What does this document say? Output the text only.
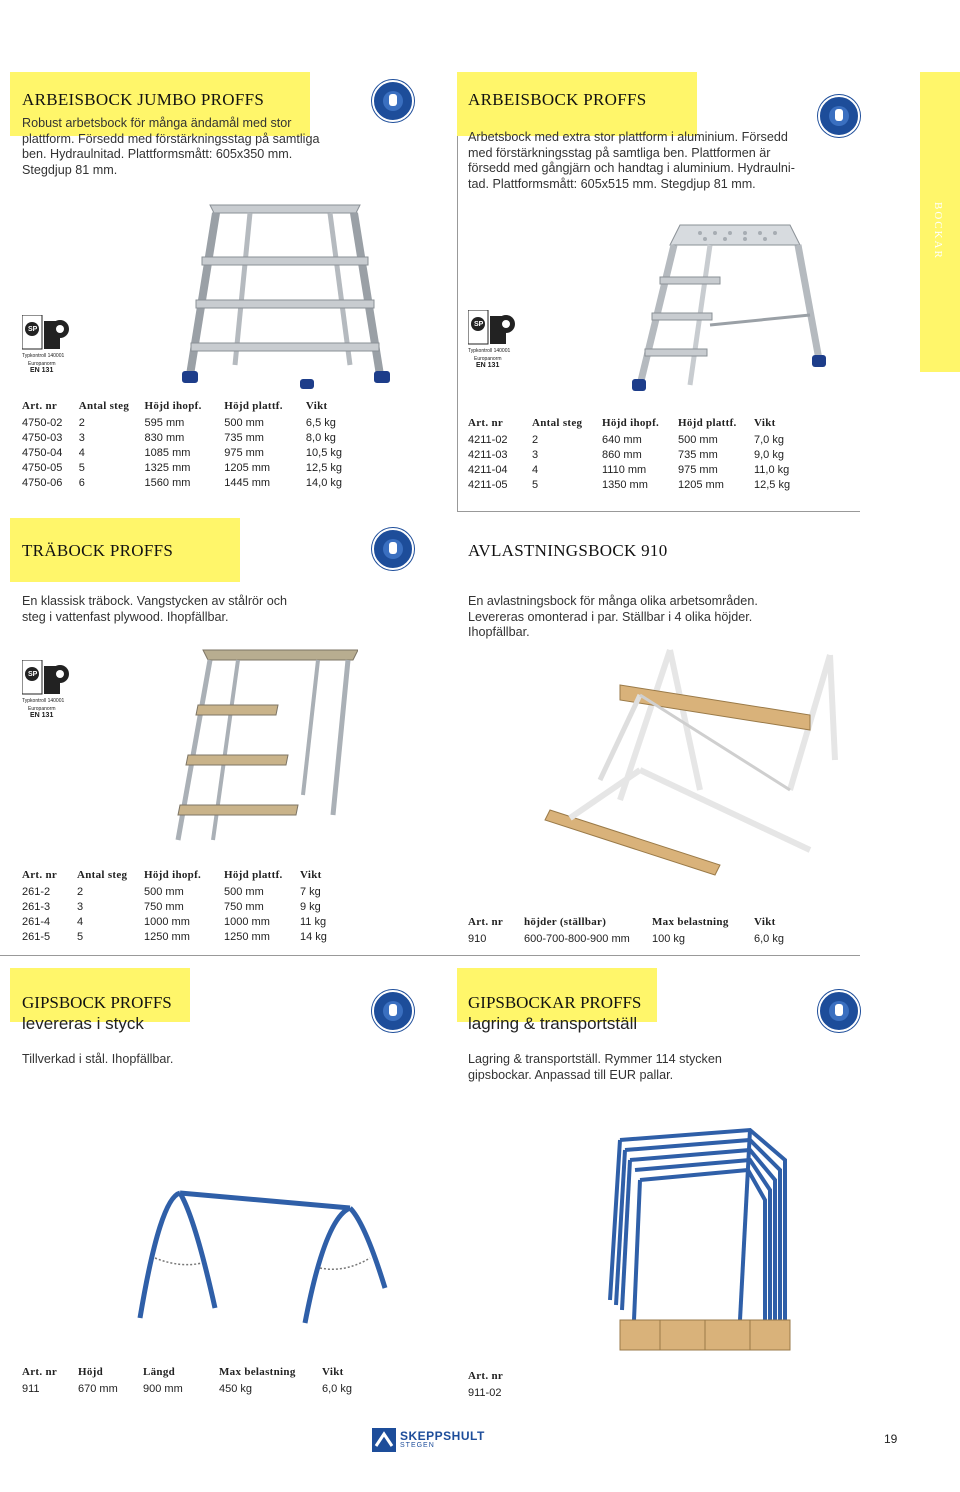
BOCKAR
ARBEISBOCK JUMBO PROFFS
Robust arbetsbock för många ändamål med stor
plattform. Försedd med förstärkningsstag på samtliga
ben. Hydraulnitad. Plattformsmått: 605x350 mm.
Stegdjup 81 mm.
SP
Typkontroll 140001
Europanorm
EN 131
Art. nr	Antal steg	Höjd ihopf.	Höjd plattf.	Vikt
4750-02	2	595 mm	500 mm	6,5 kg
4750-03	3	830 mm	735 mm	8,0 kg
4750-04	4	1085 mm	975 mm	10,5 kg
4750-05	5	1325 mm	1205 mm	12,5 kg
4750-06	6	1560 mm	1445 mm	14,0 kg
ARBEISBOCK PROFFS
Arbetsbock med extra stor plattform i aluminium. Försedd
med förstärkningsstag på samtliga ben. Plattformen är
försedd med gångjärn och handtag i aluminium. Hydraulni-
tad. Plattformsmått: 605x515 mm. Stegdjup 81 mm.
SP
Typkontroll 140001
Europanorm
EN 131
Art. nr	Antal steg	Höjd ihopf.	Höjd plattf.	Vikt
4211-02	2	640 mm	500 mm	7,0 kg
4211-03	3	860 mm	735 mm	9,0 kg
4211-04	4	1110 mm	975 mm	11,0 kg
4211-05	5	1350 mm	1205 mm	12,5 kg
TRÄBOCK PROFFS
En klassisk träbock. Vangstycken av stålrör och
steg i vattenfast plywood. Ihopfällbar.
SP
Typkontroll 140001
Europanorm
EN 131
Art. nr	Antal steg	Höjd ihopf.	Höjd plattf.	Vikt
261-2	2	500 mm	500 mm	7 kg
261-3	3	750 mm	750 mm	9 kg
261-4	4	1000 mm	1000 mm	11 kg
261-5	5	1250 mm	1250 mm	14 kg
AVLASTNINGSBOCK 910
En avlastningsbock för många olika arbetsområden.
Levereras omonterad i par. Ställbar i 4 olika höjder.
Ihopfällbar.
Art. nr	höjder (ställbar)	Max belastning	Vikt
910	600-700-800-900 mm	100 kg	6,0 kg
GIPSBOCK PROFFS
levereras i styck
Tillverkad i stål. Ihopfällbar.
Art. nr	Höjd	Längd	Max belastning	Vikt
911	670 mm	900 mm	450 kg	6,0 kg
GIPSBOCKAR PROFFS
lagring & transportställ
Lagring & transportställ. Rymmer 114 stycken
gipsbockar. Anpassad till EUR pallar.
Art. nr
911-02
SKEPPSHULT
STEGEN	19
